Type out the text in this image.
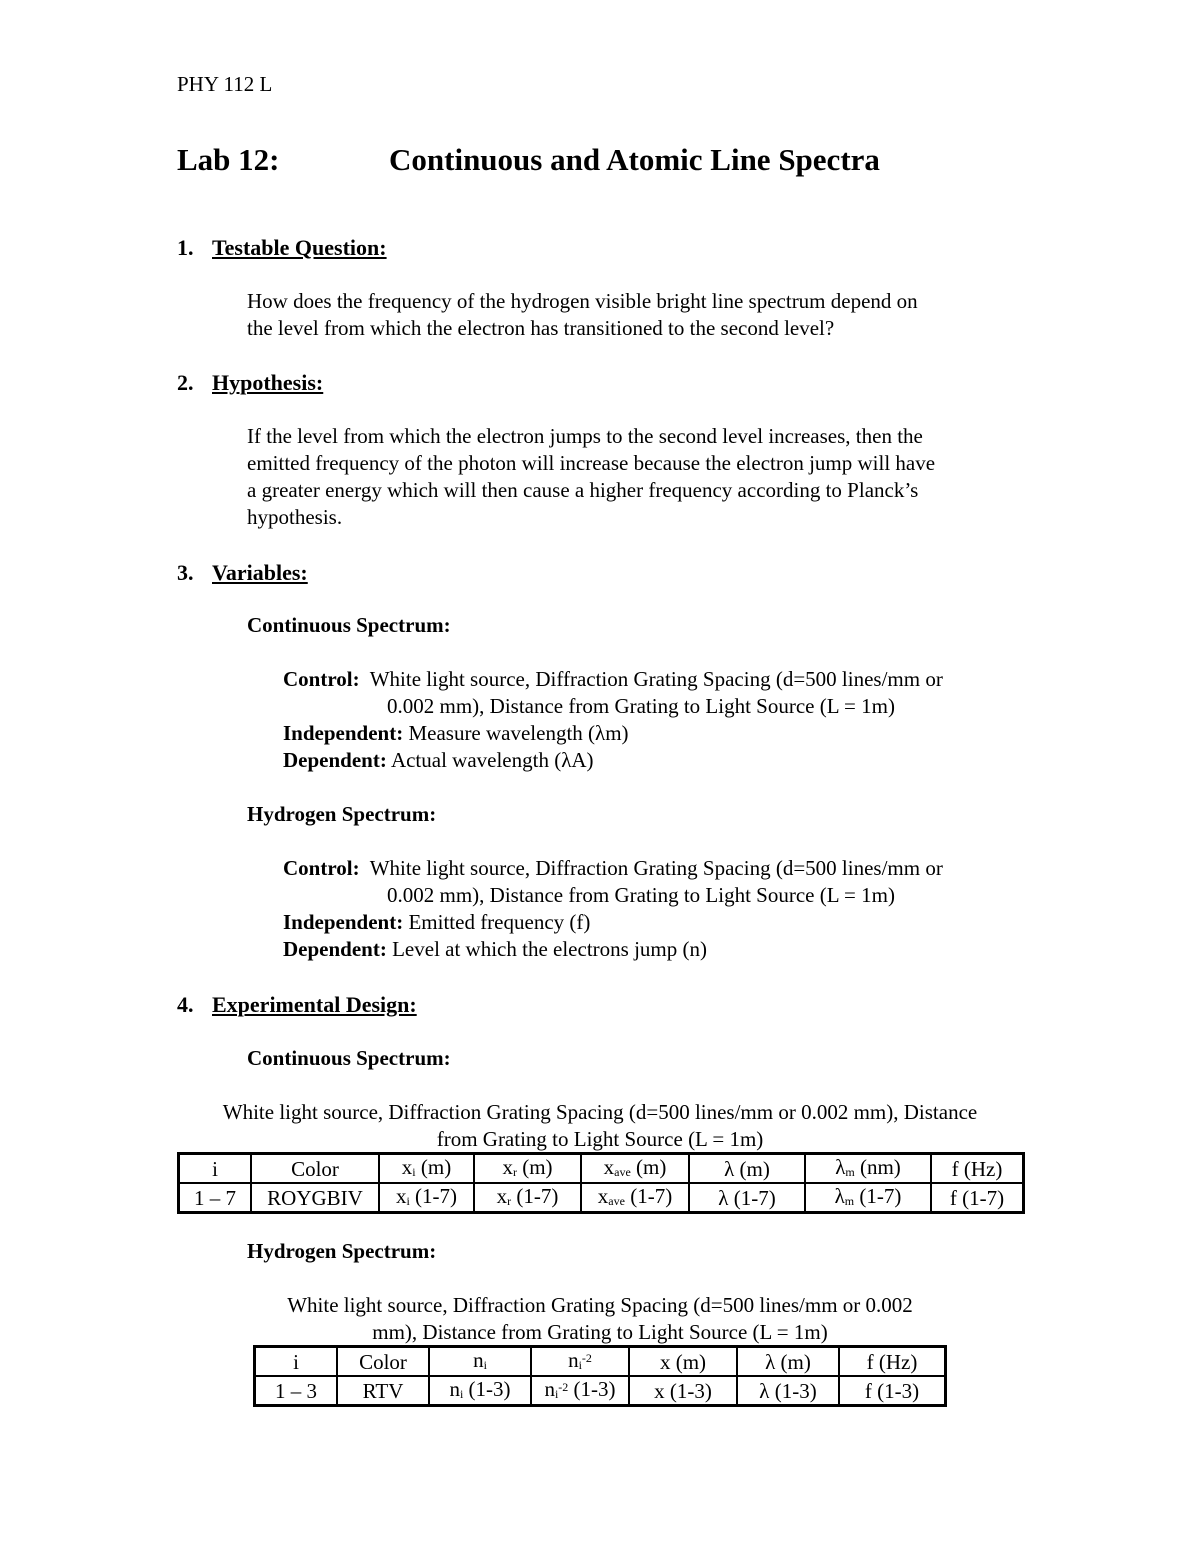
PHY 112 L
Lab 12:	Continuous and Atomic Line Spectra
1. Testable Question:
How does the frequency of the hydrogen visible bright line spectrum depend on
the level from which the electron has transitioned to the second level?
2. Hypothesis:
If the level from which the electron jumps to the second level increases, then the
emitted frequency of the photon will increase because the electron jump will have
a greater energy which will then cause a higher frequency according to Planck’s
hypothesis.
3. Variables:
Continuous Spectrum:
Control: White light source, Diffraction Grating Spacing (d=500 lines/mm or
0.002 mm), Distance from Grating to Light Source (L = 1m)
Independent: Measure wavelength (λm)
Dependent: Actual wavelength (λA)
Hydrogen Spectrum:
Control: White light source, Diffraction Grating Spacing (d=500 lines/mm or
0.002 mm), Distance from Grating to Light Source (L = 1m)
Independent: Emitted frequency (f)
Dependent: Level at which the electrons jump (n)
4. Experimental Design:
Continuous Spectrum:
White light source, Diffraction Grating Spacing (d=500 lines/mm or 0.002 mm), Distance
from Grating to Light Source (L = 1m)
i	Color	$x_i$ (m)	$x_r$ (m)	$x_{ave}$ (m)	λ (m)	$\lambda_m$ (nm)	f (Hz)
1 – 7	ROYGBIV	$x_i$ (1-7)	$x_r$ (1-7)	$x_{ave}$ (1-7)	λ (1-7)	$\lambda_m$ (1-7)	f (1-7)
Hydrogen Spectrum:
White light source, Diffraction Grating Spacing (d=500 lines/mm or 0.002
mm), Distance from Grating to Light Source (L = 1m)
i	Color	$n_i$	$n_i^{-2}$	x (m)	λ (m)	f (Hz)
1 – 3	RTV	$n_i$ (1-3)	$n_i^{-2}$ (1-3)	x (1-3)	λ (1-3)	f (1-3)
